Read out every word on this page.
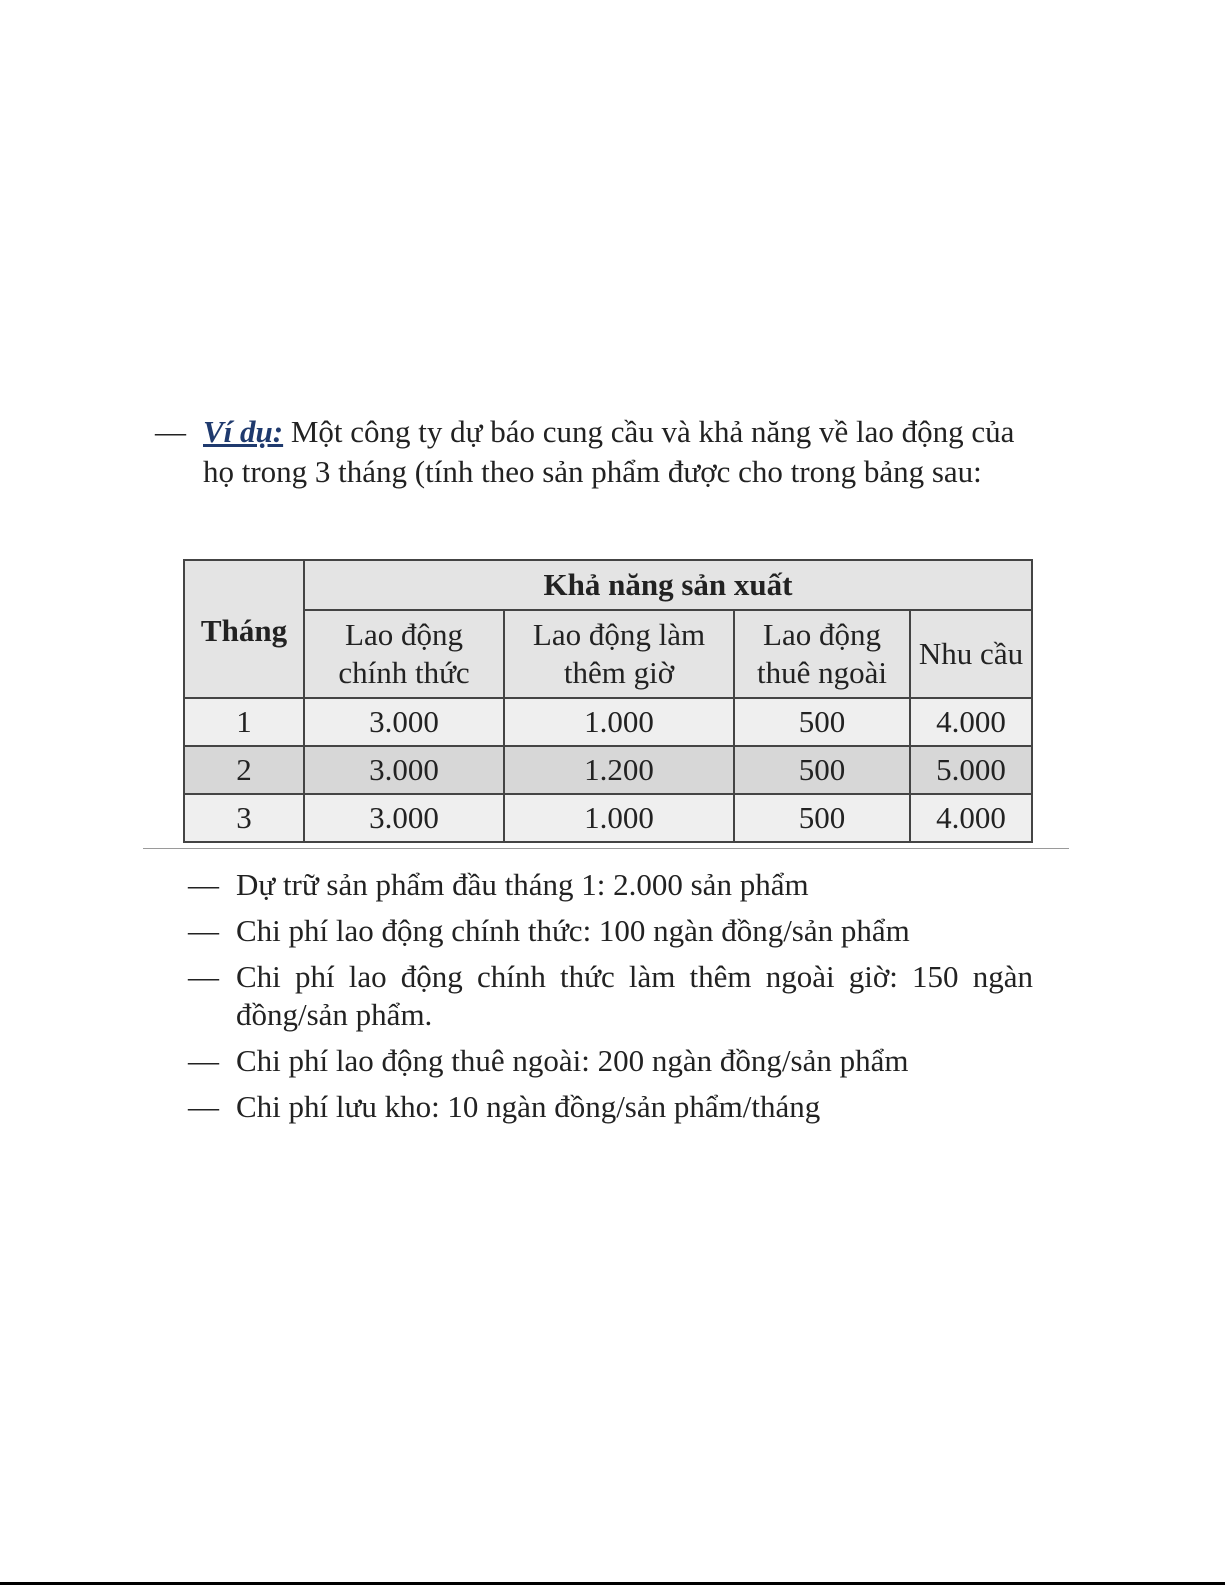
— Ví dụ: Một công ty dự báo cung cầu và khả năng về lao động của họ trong 3 tháng (tính theo sản phẩm được cho trong bảng sau:
Tháng	Khả năng sản xuất			
	Lao động chính thức	Lao động làm thêm giờ	Lao động thuê ngoài	Nhu cầu
1	3.000	1.000	500	4.000
2	3.000	1.200	500	5.000
3	3.000	1.000	500	4.000
— Dự trữ sản phẩm đầu tháng 1: 2.000 sản phẩm
— Chi phí lao động chính thức: 100 ngàn đồng/sản phẩm
— Chi phí lao động chính thức làm thêm ngoài giờ: 150 ngàn đồng/sản phẩm.
— Chi phí lao động thuê ngoài: 200 ngàn đồng/sản phẩm
— Chi phí lưu kho: 10 ngàn đồng/sản phẩm/tháng
